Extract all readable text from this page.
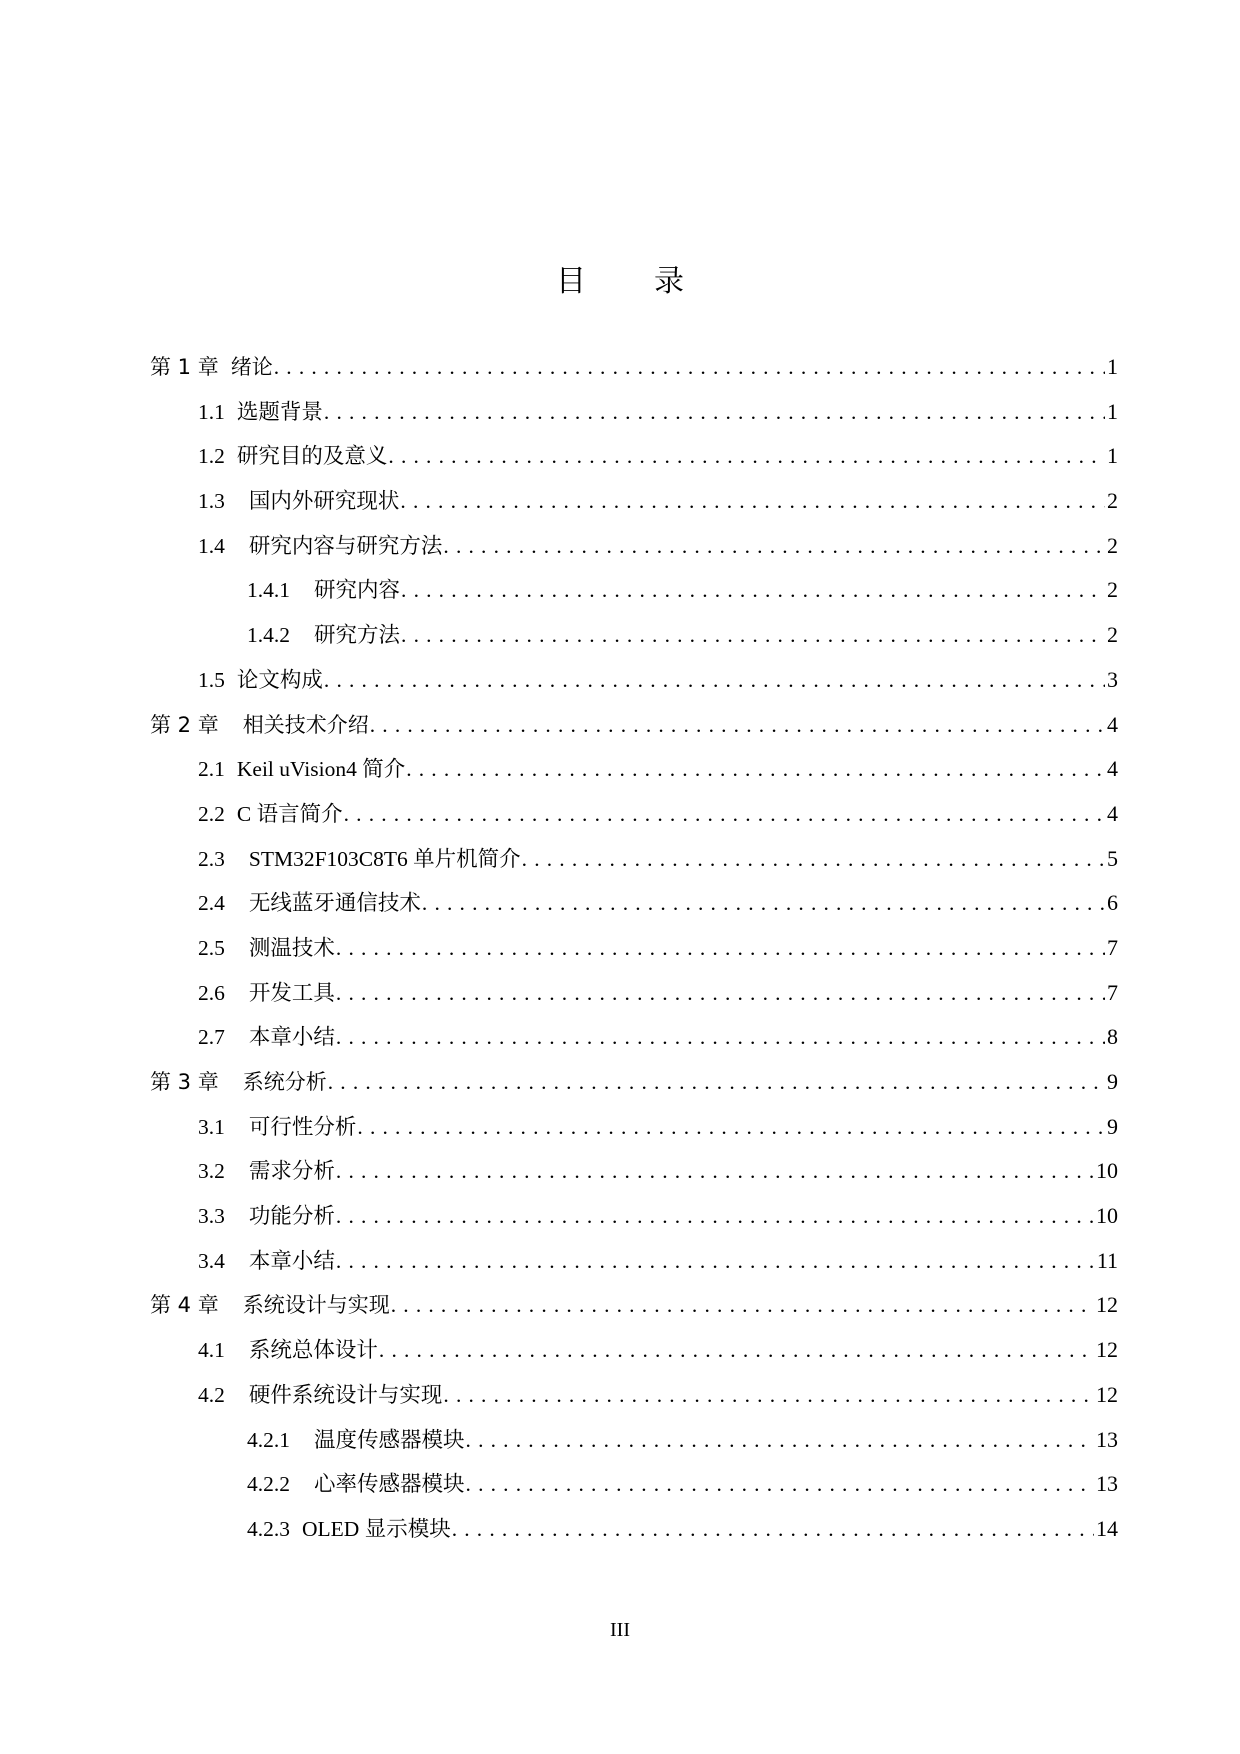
目 录
第 1 章 绪论 . . .	1
1.1 选题背景 . . .	1
1.2 研究目的及意义 . . .	1
1.3 国内外研究现状 . . .	2
1.4 研究内容与研究方法 . . .	2
1.4.1 研究内容 . . .	2
1.4.2 研究方法 . . .	2
1.5 论文构成 . . .	3
第 2 章 相关技术介绍 . . .	4
2.1 Keil uVision4 简介 . . .	4
2.2 C 语言简介 . . .	4
2.3 STM32F103C8T6 单片机简介 . . .	5
2.4 无线蓝牙通信技术 . . .	6
2.5 测温技术 . . .	7
2.6 开发工具 . . .	7
2.7 本章小结 . . .	8
第 3 章 系统分析 . . .	9
3.1 可行性分析 . . .	9
3.2 需求分析 . . .	10
3.3 功能分析 . . .	10
3.4 本章小结 . . .	11
第 4 章 系统设计与实现 . . .	12
4.1 系统总体设计 . . .	12
4.2 硬件系统设计与实现 . . .	12
4.2.1 温度传感器模块 . . .	13
4.2.2 心率传感器模块 . . .	13
4.2.3 OLED 显示模块 . . .	14
III
